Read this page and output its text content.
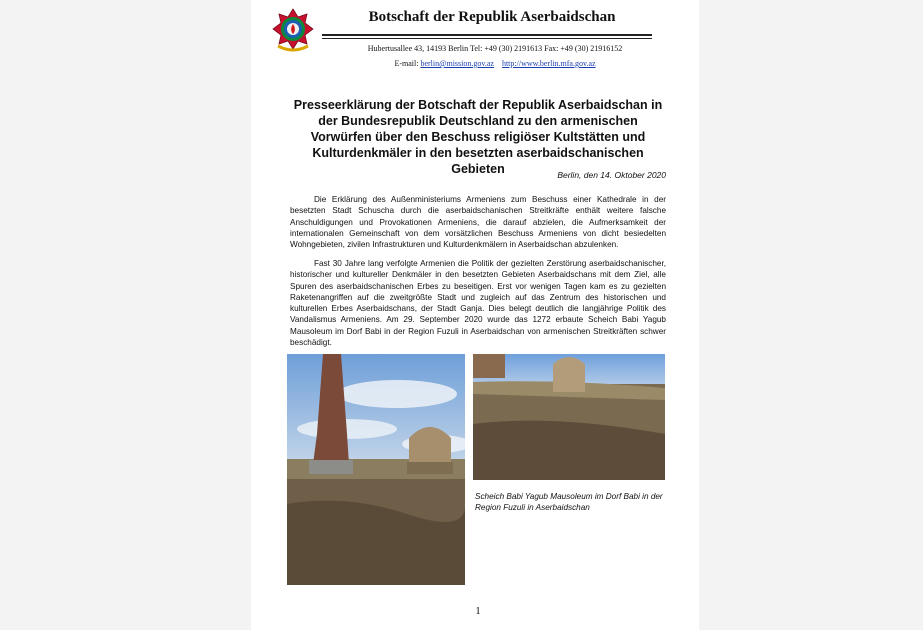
Botschaft der Republik Aserbaidschan
Hubertusallee 43, 14193 Berlin Tel: +49 (30) 2191613 Fax: +49 (30) 21916152
E-mail: berlin@mission.gov.az http://www.berlin.mfa.gov.az
Presseerklärung der Botschaft der Republik Aserbaidschan in der Bundesrepublik Deutschland zu den armenischen Vorwürfen über den Beschuss religiöser Kultstätten und Kulturdenkmäler in den besetzten aserbaidschanischen Gebieten	Berlin, den 14. Oktober 2020
Die Erklärung des Außenministeriums Armeniens zum Beschuss einer Kathedrale in der besetzten Stadt Schuscha durch die aserbaidschanischen Streitkräfte enthält weitere falsche Anschuldigungen und Provokationen Armeniens, die darauf abzielen, die Aufmerksamkeit der internationalen Gemeinschaft von dem vorsätzlichen Beschuss Armeniens von dicht besiedelten Wohngebieten, zivilen Infrastrukturen und Kulturdenkmälern in Aserbaidschan abzulenken.
Fast 30 Jahre lang verfolgte Armenien die Politik der gezielten Zerstörung aserbaidschanischer, historischer und kultureller Denkmäler in den besetzten Gebieten Aserbaidschans mit dem Ziel, alle Spuren des aserbaidschanischen Erbes zu beseitigen. Erst vor wenigen Tagen kam es zu gezielten Raketenangriffen auf die zweitgrößte Stadt und zugleich auf das Zentrum des historischen und kulturellen Erbes Aserbaidschans, der Stadt Ganja. Dies belegt deutlich die langjährige Politik des Vandalismus Armeniens. Am 29. September 2020 wurde das 1272 erbaute Scheich Babi Yagub Mausoleum im Dorf Babi in der Region Fuzuli in Aserbaidschan von armenischen Streitkräften schwer beschädigt.
Scheich Babi Yagub Mausoleum im Dorf Babi in der Region Fuzuli in Aserbaidschan
1
